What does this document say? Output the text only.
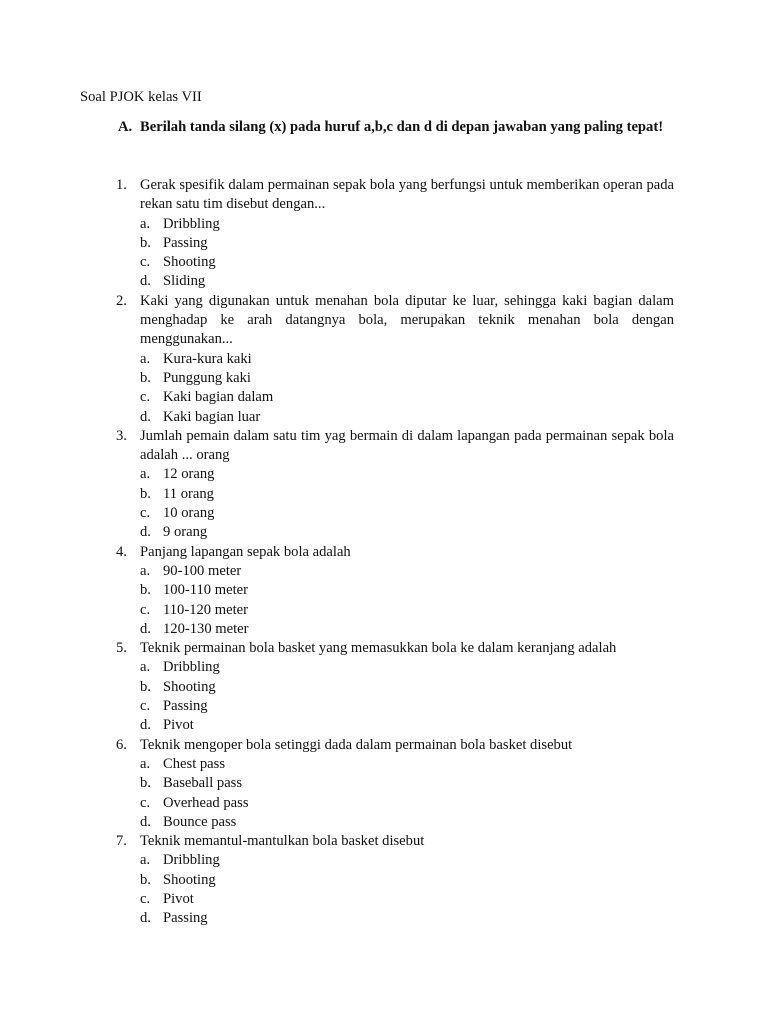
Soal PJOK kelas VII
A. Berilah tanda silang (x) pada huruf a,b,c dan d di depan jawaban yang paling tepat!
1. Gerak spesifik dalam permainan sepak bola yang berfungsi untuk memberikan operan pada rekan satu tim disebut dengan...
a. Dribbling
b. Passing
c. Shooting
d. Sliding
2. Kaki yang digunakan untuk menahan bola diputar ke luar, sehingga kaki bagian dalam menghadap ke arah datangnya bola, merupakan teknik menahan bola dengan menggunakan...
a. Kura-kura kaki
b. Punggung kaki
c. Kaki bagian dalam
d. Kaki bagian luar
3. Jumlah pemain dalam satu tim yag bermain di dalam lapangan pada permainan sepak bola adalah ... orang
a. 12 orang
b. 11 orang
c. 10 orang
d. 9 orang
4. Panjang lapangan sepak bola adalah
a. 90-100 meter
b. 100-110 meter
c. 110-120 meter
d. 120-130 meter
5. Teknik permainan bola basket yang memasukkan bola ke dalam keranjang adalah
a. Dribbling
b. Shooting
c. Passing
d. Pivot
6. Teknik mengoper bola setinggi dada dalam permainan bola basket disebut
a. Chest pass
b. Baseball pass
c. Overhead pass
d. Bounce pass
7. Teknik memantul-mantulkan bola basket disebut
a. Dribbling
b. Shooting
c. Pivot
d. Passing
